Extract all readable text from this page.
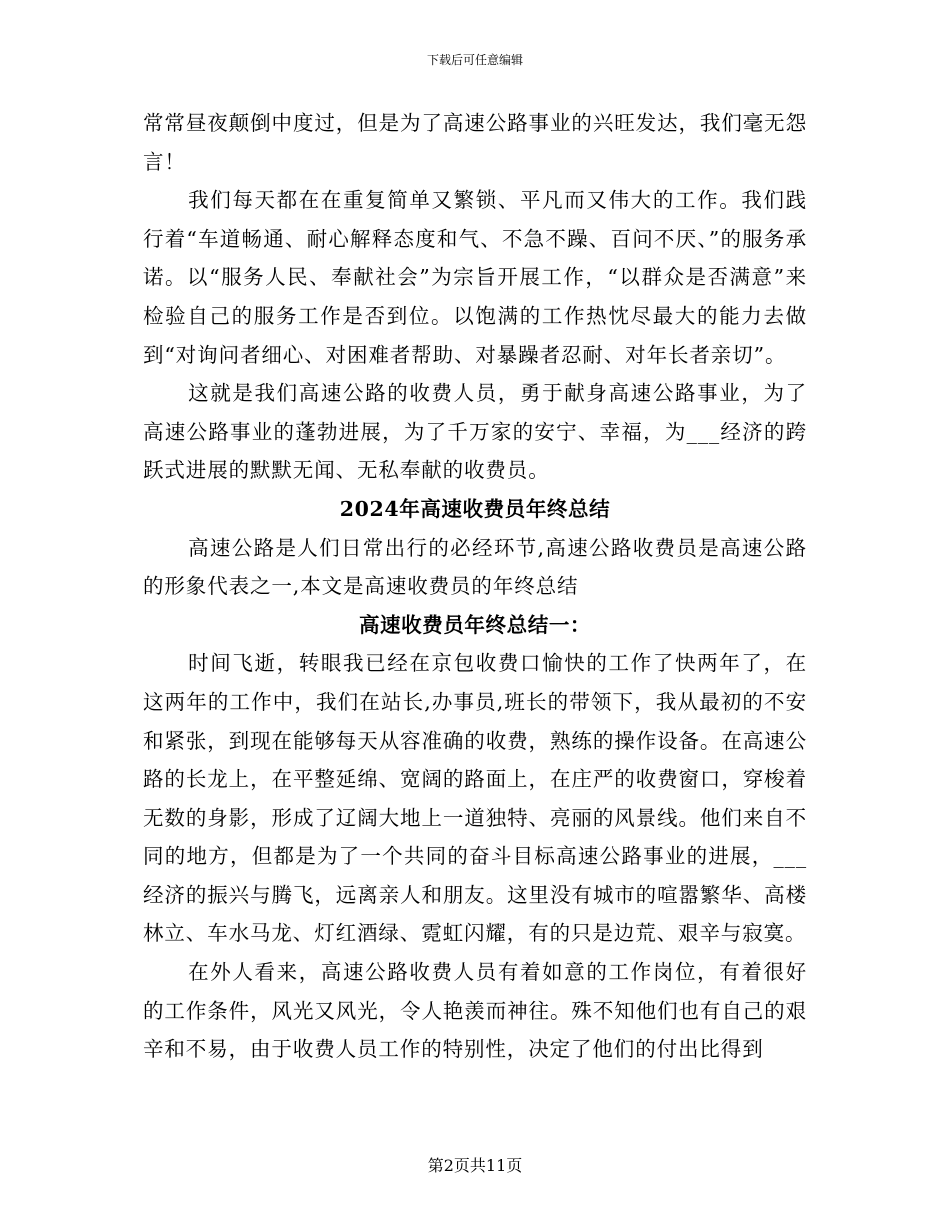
下载后可任意编辑

常常昼夜颠倒中度过，但是为了高速公路事业的兴旺发达，我们毫无怨言！

我们每天都在在重复简单又繁锁、平凡而又伟大的工作。我们践行着“车道畅通、耐心解释态度和气、不急不躁、百问不厌、”的服务承诺。以“服务人民、奉献社会”为宗旨开展工作，“以群众是否满意”来检验自己的服务工作是否到位。以饱满的工作热忱尽最大的能力去做到“对询问者细心、对困难者帮助、对暴躁者忍耐、对年长者亲切”。

这就是我们高速公路的收费人员，勇于献身高速公路事业，为了高速公路事业的蓬勃进展，为了千万家的安宁、幸福，为___经济的跨跃式进展的默默无闻、无私奉献的收费员。

2024年高速收费员年终总结

高速公路是人们日常出行的必经环节,高速公路收费员是高速公路的形象代表之一,本文是高速收费员的年终总结

高速收费员年终总结一：

时间飞逝，转眼我已经在京包收费口愉快的工作了快两年了，在这两年的工作中，我们在站长,办事员,班长的带领下，我从最初的不安和紧张，到现在能够每天从容准确的收费，熟练的操作设备。在高速公路的长龙上，在平整延绵、宽阔的路面上，在庄严的收费窗口，穿梭着无数的身影，形成了辽阔大地上一道独特、亮丽的风景线。他们来自不同的地方，但都是为了一个共同的奋斗目标高速公路事业的进展，___经济的振兴与腾飞，远离亲人和朋友。这里没有城市的喧嚣繁华、高楼林立、车水马龙、灯红酒绿、霓虹闪耀，有的只是边荒、艰辛与寂寞。

在外人看来，高速公路收费人员有着如意的工作岗位，有着很好的工作条件，风光又风光，令人艳羡而神往。殊不知他们也有自己的艰辛和不易，由于收费人员工作的特别性，决定了他们的付出比得到

第2页共11页
